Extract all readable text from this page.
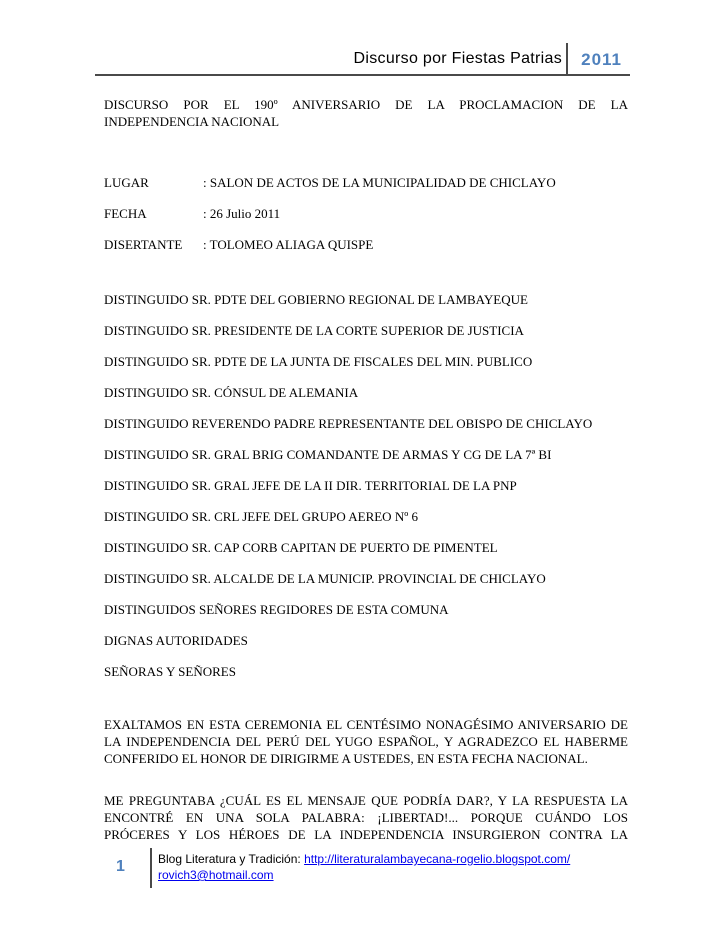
Discurso por Fiestas Patrias 2011

DISCURSO POR EL 190º ANIVERSARIO DE LA PROCLAMACION DE LA
INDEPENDENCIA NACIONAL

LUGAR	: SALON DE ACTOS DE LA MUNICIPALIDAD DE CHICLAYO
FECHA	: 26 Julio 2011
DISERTANTE : TOLOMEO ALIAGA QUISPE

DISTINGUIDO SR. PDTE DEL GOBIERNO REGIONAL DE LAMBAYEQUE

DISTINGUIDO SR. PRESIDENTE DE LA CORTE SUPERIOR DE JUSTICIA

DISTINGUIDO SR. PDTE DE LA JUNTA DE FISCALES DEL MIN. PUBLICO

DISTINGUIDO SR. CÓNSUL DE ALEMANIA

DISTINGUIDO REVERENDO PADRE REPRESENTANTE DEL OBISPO DE CHICLAYO

DISTINGUIDO SR. GRAL BRIG COMANDANTE DE ARMAS Y CG DE LA 7ª BI

DISTINGUIDO SR. GRAL JEFE DE LA II DIR. TERRITORIAL DE LA PNP

DISTINGUIDO SR. CRL JEFE DEL GRUPO AEREO Nº 6

DISTINGUIDO SR. CAP CORB CAPITAN DE PUERTO DE PIMENTEL

DISTINGUIDO SR. ALCALDE DE LA MUNICIP. PROVINCIAL DE CHICLAYO

DISTINGUIDOS SEÑORES REGIDORES DE ESTA COMUNA

DIGNAS AUTORIDADES

SEÑORAS Y SEÑORES

EXALTAMOS EN ESTA CEREMONIA EL CENTÉSIMO NONAGÉSIMO ANIVERSARIO DE
LA INDEPENDENCIA DEL PERÚ DEL YUGO ESPAÑOL, Y AGRADEZCO EL HABERME
CONFERIDO EL HONOR DE DIRIGIRME A USTEDES, EN ESTA FECHA NACIONAL.

ME PREGUNTABA ¿CUÁL ES EL MENSAJE QUE PODRÍA DAR?, Y LA RESPUESTA LA
ENCONTRÉ EN UNA SOLA PALABRA: ¡LIBERTAD!... PORQUE CUÁNDO LOS
PRÓCERES Y LOS HÉROES DE LA INDEPENDENCIA INSURGIERON CONTRA LA

1	Blog Literatura y Tradición: http://literaturalambayecana-rogelio.blogspot.com/
rovich3@hotmail.com
